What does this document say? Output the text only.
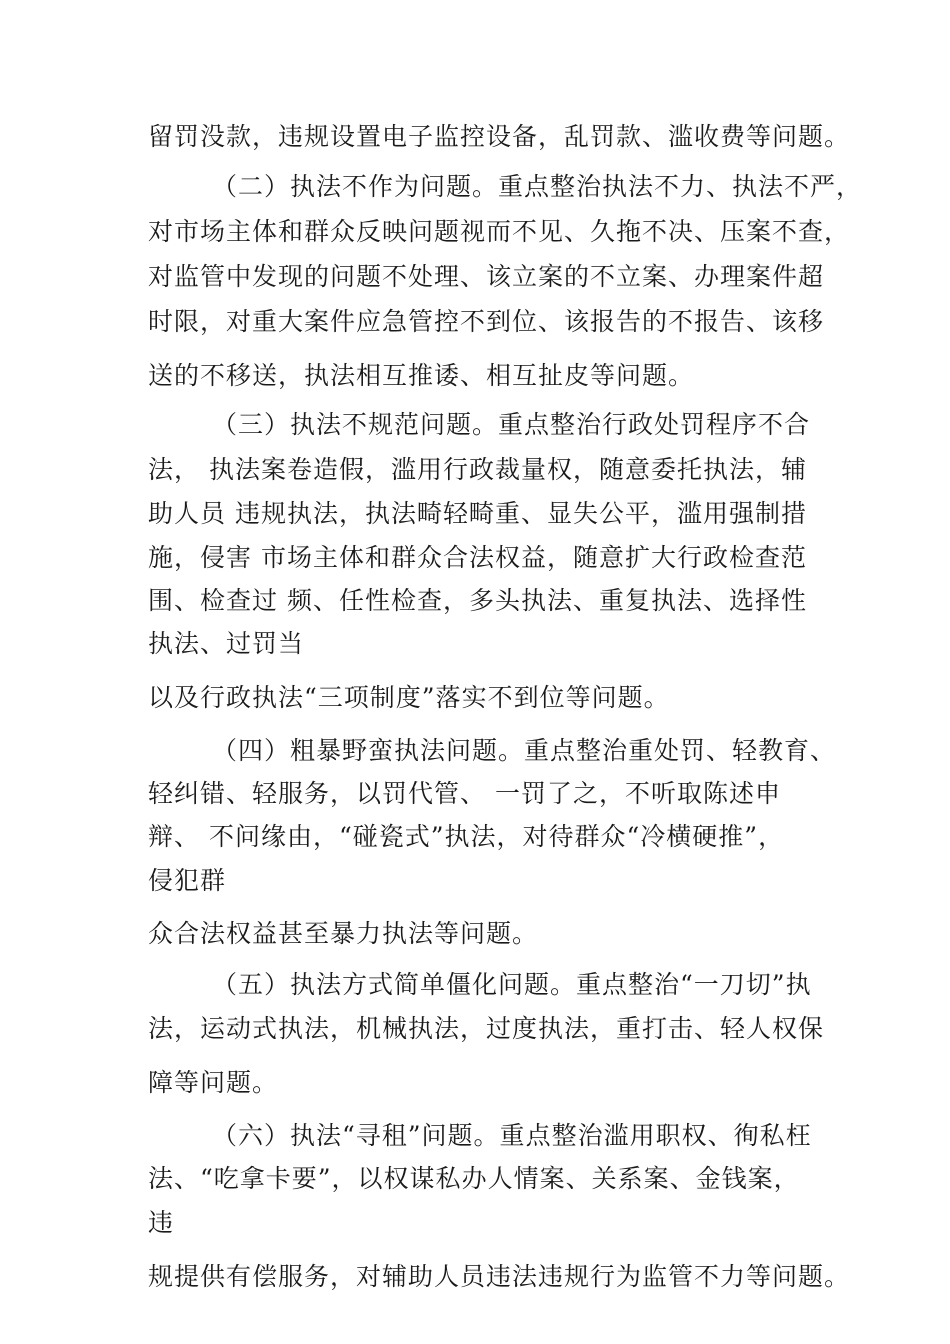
留罚没款，违规设置电子监控设备，乱罚款、滥收费等问题。
（二）执法不作为问题。重点整治执法不力、执法不严，
对市场主体和群众反映问题视而不见、久拖不决、压案不查，
对监管中发现的问题不处理、该立案的不立案、办理案件超
时限，对重大案件应急管控不到位、该报告的不报告、该移
送的不移送，执法相互推诿、相互扯皮等问题。
（三）执法不规范问题。重点整治行政处罚程序不合
法， 执法案卷造假，滥用行政裁量权，随意委托执法，辅
助人员 违规执法，执法畸轻畸重、显失公平，滥用强制措
施，侵害 市场主体和群众合法权益，随意扩大行政检查范
围、检查过 频、任性检查，多头执法、重复执法、选择性
执法、过罚当
以及行政执法“三项制度”落实不到位等问题。
（四）粗暴野蛮执法问题。重点整治重处罚、轻教育、
轻纠错、轻服务，以罚代管、 一罚了之，不听取陈述申
辩、 不问缘由，“碰瓷式”执法，对待群众“冷横硬推”，
侵犯群
众合法权益甚至暴力执法等问题。
（五）执法方式简单僵化问题。重点整治“一刀切”执
法，运动式执法，机械执法，过度执法，重打击、轻人权保
障等问题。
（六）执法“寻租”问题。重点整治滥用职权、徇私枉
法、“吃拿卡要”，以权谋私办人情案、关系案、金钱案，
违
规提供有偿服务，对辅助人员违法违规行为监管不力等问题。
